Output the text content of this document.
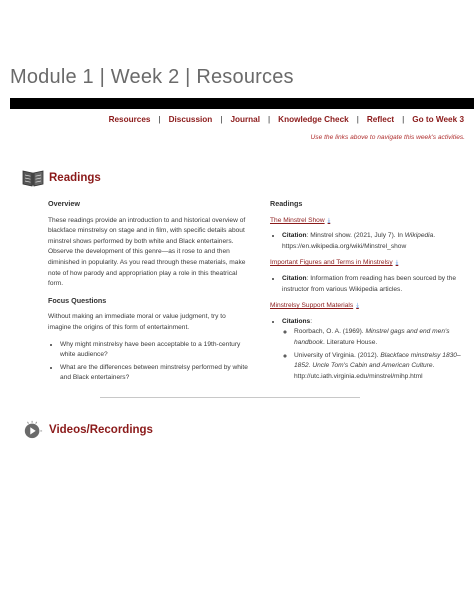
Module 1 | Week 2 | Resources
Resources | Discussion | Journal | Knowledge Check | Reflect | Go to Week 3
Use the links above to navigate this week's activities.
Readings
Overview

These readings provide an introduction to and historical overview of blackface minstrelsy on stage and in film, with specific details about minstrel shows performed by both white and Black entertainers. Observe the development of this genre—as it rose to and then diminished in popularity. As you read through these materials, make note of how parody and appropriation play a role in this theatrical form.

Focus Questions

Without making an immediate moral or value judgment, try to imagine the origins of this form of entertainment.

• Why might minstrelsy have been acceptable to a 19th-century white audience?
• What are the differences between minstrelsy performed by white and Black entertainers?
Readings
The Minstrel Show ⤓
• Citation: Minstrel show. (2021, July 7). In Wikipedia. https://en.wikipedia.org/wiki/Minstrel_show
Important Figures and Terms in Minstrelsy ⤓
• Citation: Information from reading has been sourced by the instructor from various Wikipedia articles.
Minstrelsy Support Materials ⤓
• Citations:
◦ Roorbach, O. A. (1969). Minstrel gags and end men's handbook. Literature House.
◦ University of Virginia. (2012). Blackface minstrelsy 1830–1852. Uncle Tom's Cabin and American Culture. http://utc.iath.virginia.edu/minstrel/mihp.html
Videos/Recordings
